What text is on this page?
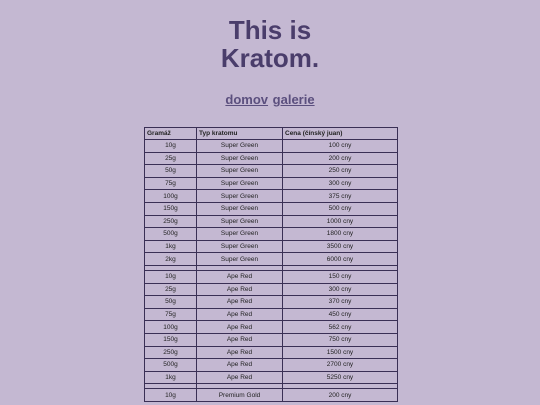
This is
Kratom.
domov galerie
Gramáž	Typ kratomu	Cena (čínský juan)
10g	Super Green	100 cny
25g	Super Green	200 cny
50g	Super Green	250 cny
75g	Super Green	300 cny
100g	Super Green	375 cny
150g	Super Green	500 cny
250g	Super Green	1000 cny
500g	Super Green	1800 cny
1kg	Super Green	3500 cny
2kg	Super Green	6000 cny

10g	Ape Red	150 cny
25g	Ape Red	300 cny
50g	Ape Red	370 cny
75g	Ape Red	450 cny
100g	Ape Red	562 cny
150g	Ape Red	750 cny
250g	Ape Red	1500 cny
500g	Ape Red	2700 cny
1kg	Ape Red	5250 cny

10g	Premium Gold	200 cny
